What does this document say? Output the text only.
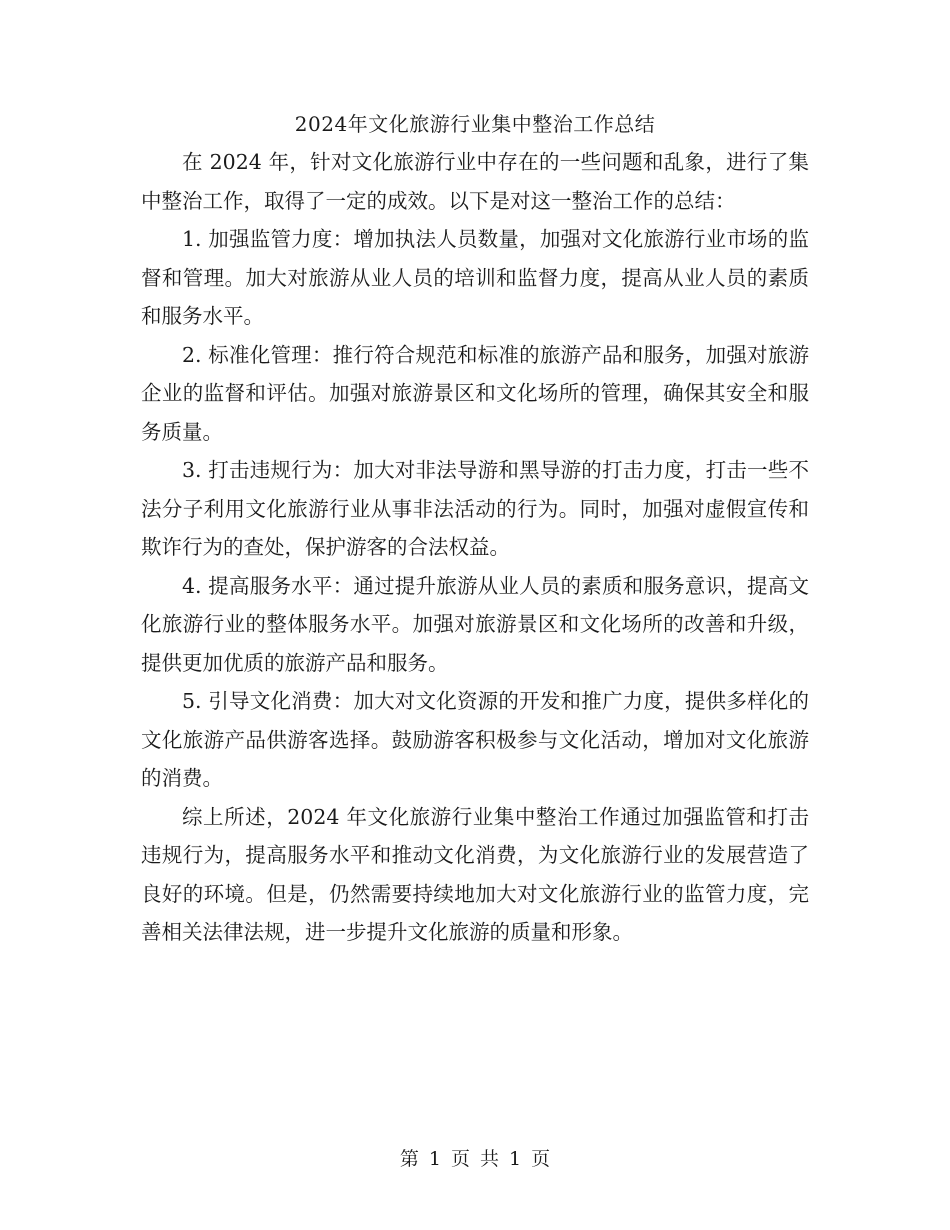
2024年文化旅游行业集中整治工作总结

在 2024 年，针对文化旅游行业中存在的一些问题和乱象，进行了集中整治工作，取得了一定的成效。以下是对这一整治工作的总结：

1. 加强监管力度：增加执法人员数量，加强对文化旅游行业市场的监督和管理。加大对旅游从业人员的培训和监督力度，提高从业人员的素质和服务水平。

2. 标准化管理：推行符合规范和标准的旅游产品和服务，加强对旅游企业的监督和评估。加强对旅游景区和文化场所的管理，确保其安全和服务质量。

3. 打击违规行为：加大对非法导游和黑导游的打击力度，打击一些不法分子利用文化旅游行业从事非法活动的行为。同时，加强对虚假宣传和欺诈行为的查处，保护游客的合法权益。

4. 提高服务水平：通过提升旅游从业人员的素质和服务意识，提高文化旅游行业的整体服务水平。加强对旅游景区和文化场所的改善和升级，提供更加优质的旅游产品和服务。

5. 引导文化消费：加大对文化资源的开发和推广力度，提供多样化的文化旅游产品供游客选择。鼓励游客积极参与文化活动，增加对文化旅游的消费。

综上所述，2024 年文化旅游行业集中整治工作通过加强监管和打击违规行为，提高服务水平和推动文化消费，为文化旅游行业的发展营造了良好的环境。但是，仍然需要持续地加大对文化旅游行业的监管力度，完善相关法律法规，进一步提升文化旅游的质量和形象。

第 1 页 共 1 页
